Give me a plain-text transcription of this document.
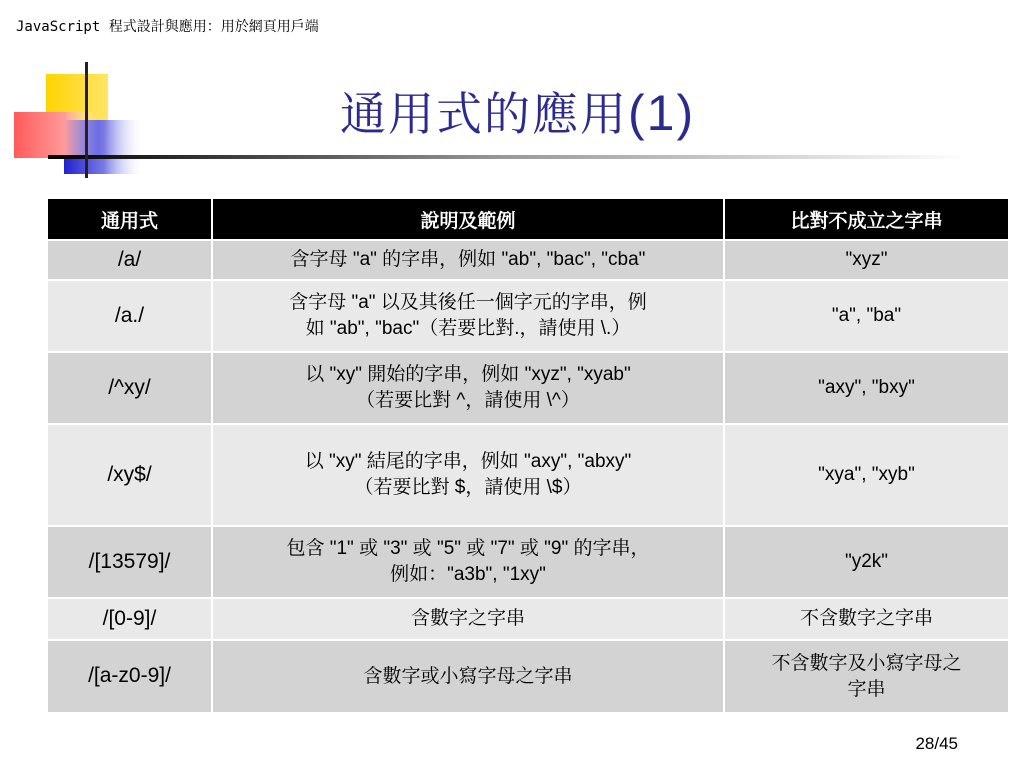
JavaScript 程式設計與應用：用於網頁用戶端
通用式的應用(1)
通用式	說明及範例	比對不成立之字串
/a/	含字母 "a" 的字串，例如 "ab", "bac", "cba"	"xyz"

/a./	含字母 "a" 以及其後任一個字元的字串，例
如 "ab", "bac"（若要比對.，請使用 \.）	"a", "ba"

/^xy/	以 "xy" 開始的字串，例如 "xyz", "xyab"
（若要比對 ^，請使用 \^）	"axy", "bxy"

/xy$/	以 "xy" 結尾的字串，例如 "axy", "abxy"
（若要比對 $，請使用 \$）	"xya", "xyb"

/[13579]/	包含 "1" 或 "3" 或 "5" 或 "7" 或 "9" 的字串，
例如："a3b", "1xy"	"y2k"

/[0-9]/	含數字之字串	不含數字之字串

/[a-z0-9]/	含數字或小寫字母之字串	不含數字及小寫字母之
字串
28/45
